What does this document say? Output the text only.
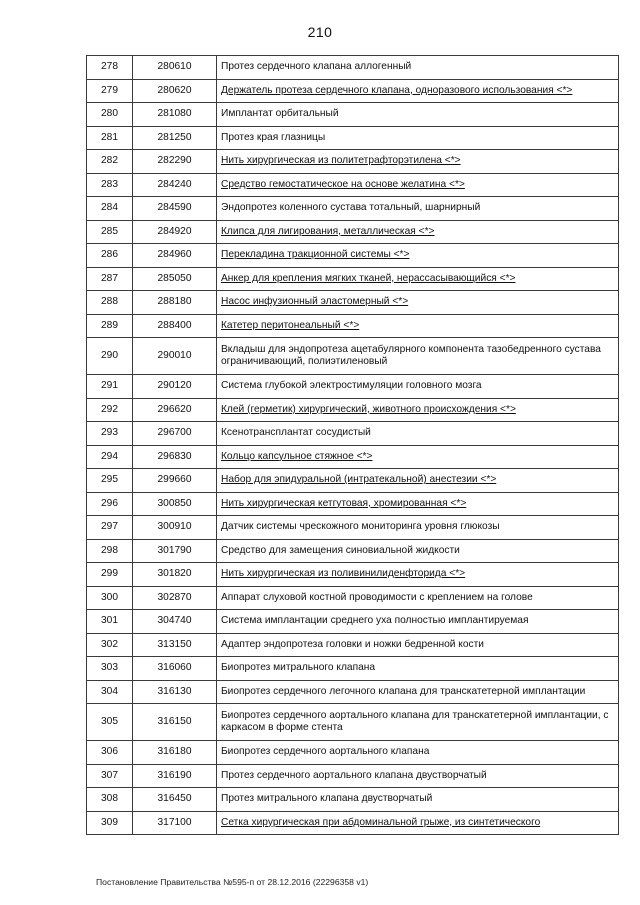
210
278	280610	Протез сердечного клапана аллогенный
279	280620	Держатель протеза сердечного клапана, одноразового использования <*>
280	281080	Имплантат орбитальный
281	281250	Протез края глазницы
282	282290	Нить хирургическая из политетрафторэтилена <*>
283	284240	Средство гемостатическое на основе желатина <*>
284	284590	Эндопротез коленного сустава тотальный, шарнирный
285	284920	Клипса для лигирования, металлическая <*>
286	284960	Перекладина тракционной системы <*>
287	285050	Анкер для крепления мягких тканей, нерассасывающийся <*>
288	288180	Насос инфузионный эластомерный <*>
289	288400	Катетер перитонеальный <*>
290	290010	Вкладыш для эндопротеза ацетабулярного компонента тазобедренного сустава ограничивающий, полиэтиленовый
291	290120	Система глубокой электростимуляции головного мозга
292	296620	Клей (герметик) хирургический, животного происхождения <*>
293	296700	Ксенотрансплантат сосудистый
294	296830	Кольцо капсульное стяжное <*>
295	299660	Набор для эпидуральной (интратекальной) анестезии <*>
296	300850	Нить хирургическая кетгутовая, хромированная <*>
297	300910	Датчик системы чрескожного мониторинга уровня глюкозы
298	301790	Средство для замещения синовиальной жидкости
299	301820	Нить хирургическая из поливинилиденфторида <*>
300	302870	Аппарат слуховой костной проводимости с креплением на голове
301	304740	Система имплантации среднего уха полностью имплантируемая
302	313150	Адаптер эндопротеза головки и ножки бедренной кости
303	316060	Биопротез митрального клапана
304	316130	Биопротез сердечного легочного клапана для транскатетерной имплантации
305	316150	Биопротез сердечного аортального клапана для транскатетерной имплантации, с каркасом в форме стента
306	316180	Биопротез сердечного аортального клапана
307	316190	Протез сердечного аортального клапана двустворчатый
308	316450	Протез митрального клапана двустворчатый
309	317100	Сетка хирургическая при абдоминальной грыже, из синтетического
Постановление Правительства №595-п от 28.12.2016 (22296358 v1)
